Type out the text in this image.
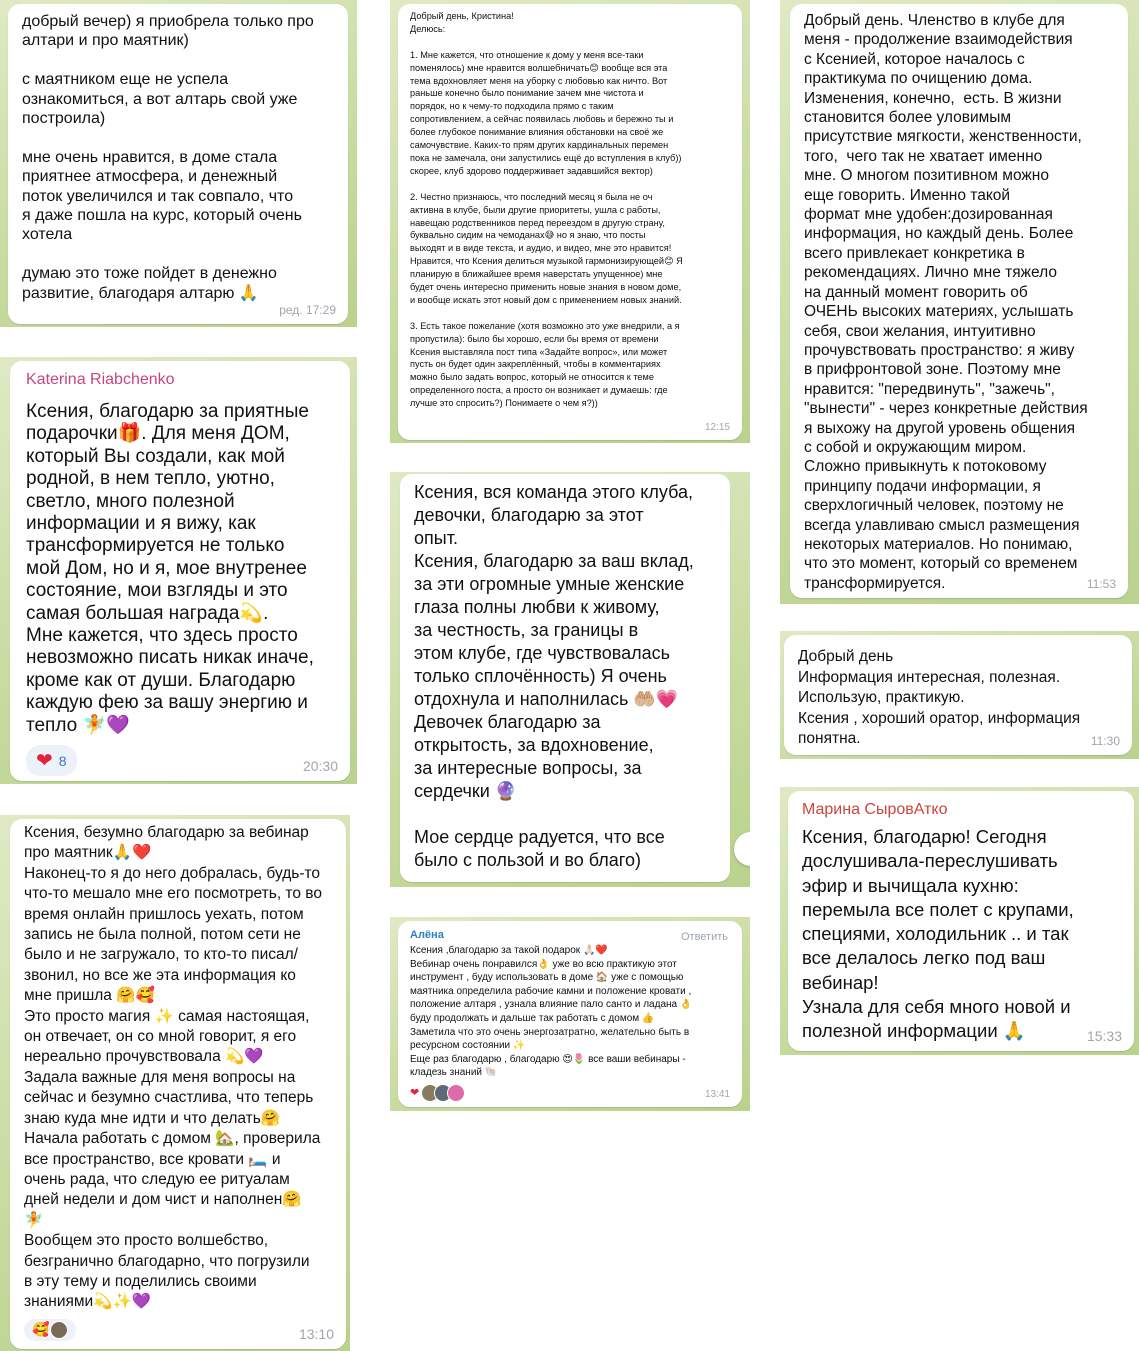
добрый вечер) я приобрела только про
алтари и про маятник)

с маятником еще не успела
ознакомиться, а вот алтарь свой уже
построила)

мне очень нравится, в доме стала
приятнее атмосфера, и денежный
поток увеличился и так совпало, что
я даже пошла на курс, который очень
хотела

думаю это тоже пойдет в денежно
развитие, благодаря алтарю 🙏

ред. 17:29
Katerina Riabchenko

Ксения, благодарю за приятные
подарочки🎁. Для меня ДОМ,
который Вы создали, как мой
родной, в нем тепло, уютно,
светло, много полезной
информации и я вижу, как
трансформируется не только
мой Дом, но и я, мое внутренее
состояние, мои взгляды и это
самая большая награда💫.
Мне кажется, что здесь просто
невозможно писать никак иначе,
кроме как от души. Благодарю
каждую фею за вашу энергию и
тепло 🧚💜

❤ 8	20:30

Ксения, безумно благодарю за вебинар
про маятник🙏❤️
Наконец-то я до него добралась, будь-то
что-то мешало мне его посмотреть, то во
время онлайн пришлось уехать, потом
запись не была полной, потом сети не
было и не загружало, то кто-то писал/
звонил, но все же эта информация ко
мне пришла 🤗🥰
Это просто магия ✨ самая настоящая,
он отвечает, он со мной говорит, я его
нереально прочувствовала 💫💜
Задала важные для меня вопросы на
сейчас и безумно счастлива, что теперь
знаю куда мне идти и что делать🤗
Начала работать с домом 🏡, проверила
все пространство, все кровати 🛏️ и
очень рада, что следую ее ритуалам
дней недели и дом чист и наполнен🤗
🧚
Вообщем это просто волшебство,
безгранично благодарно, что погрузили
в эту тему и поделились своими
знаниями💫✨💜

🥰	13:10

Добрый день, Кристина!
Делюсь:

1. Мне кажется, что отношение к дому у меня все-таки
поменялось) мне нравится волшебничать😊 вообще вся эта
тема вдохновляет меня на уборку с любовью как ничто. Вот
раньше конечно было понимание зачем мне чистота и
порядок, но к чему-то подходила прямо с таким
сопротивлением, а сейчас появилась любовь и бережно ты и
более глубокое понимание влияния обстановки на своё же
самочувствие. Каких-то прям других кардинальных перемен
пока не замечала, они запустились ещё до вступления в клуб))
скорее, клуб здорово поддерживает задавшийся вектор)

2. Честно признаюсь, что последний месяц я была не оч
активна в клубе, были другие приоритеты, ушла с работы,
навещаю родственников перед переездом в другую страну,
буквально сидим на чемоданах😅 но я знаю, что посты
выходят и в виде текста, и аудио, и видео, мне это нравится!
Нравится, что Ксения делиться музыкой гармонизирующей😊 Я
планирую в ближайшее время наверстать упущенное) мне
будет очень интересно применить новые знания в новом доме,
и вообще искать этот новый дом с применением новых знаний.

3. Есть такое пожелание (хотя возможно это уже внедрили, а я
пропустила): было бы хорошо, если бы время от времени
Ксения выставляла пост типа «Задайте вопрос», или может
пусть он будет один закреплённый, чтобы в комментариях
можно было задать вопрос, который не относится к теме
определенного поста, а просто он возникает и думаешь: где
лучше это спросить?) Понимаете о чем я?))

12:15

Ксения, вся команда этого клуба,
девочки, благодарю за этот
опыт.
Ксения, благодарю за ваш вклад,
за эти огромные умные женские
глаза полны любви к живому,
за честность, за границы в
этом клубе, где чувствовалась
только сплочённость) Я очень
отдохнула и наполнилась 🤲🏼💗
Девочек благодарю за
открытость, за вдохновение,
за интересные вопросы, за
сердечки 🔮

Мое сердце радуется, что все
было с пользой и во благо)

Алёна	Ответить

Ксения ,благодарю за такой подарок 🙏🏻❤️
Вебинар очень понравился👌 уже во всю практикую этот
инструмент , буду использовать в доме 🏠 уже с помощью
маятника определила рабочие камни и положение кровати ,
положение алтаря , узнала влияние пало санто и ладана 👌
буду продолжать и дальше так работать с домом 👍
Заметила что это очень энергозатратно, желательно быть в
ресурсном состоянии ✨
Еще раз благодарю , благодарю 😍🌷 все ваши вебинары -
кладезь знаний 🐚

❤	13:41

Добрый день. Членство в клубе для
меня - продолжение взаимодействия
с Ксенией, которое началось с
практикума по очищению дома.
Изменения, конечно,  есть. В жизни
становится более уловимым
присутствие мягкости, женственности,
того,  чего так не хватает именно
мне. О многом позитивном можно
еще говорить. Именно такой
формат мне удобен:дозированная
информация, но каждый день. Более
всего привлекает конкретика в
рекомендациях. Лично мне тяжело
на данный момент говорить об
ОЧЕНЬ высоких материях, услышать
себя, свои желания, интуитивно
прочувствовать пространство: я живу
в прифронтовой зоне. Поэтому мне
нравится: "передвинуть", "зажечь",
"вынести" - через конкретные действия
я выхожу на другой уровень общения
с собой и окружающим миром.
Сложно привыкнуть к потоковому
принципу подачи информации, я
сверхлогичный человек, поэтому не
всегда улавливаю смысл размещения
некоторых материалов. Но понимаю,
что это момент, который со временем
трансформируется.	11:53

Добрый день
Информация интересная, полезная.
Использую, практикую.
Ксения , хороший оратор, информация
понятна.	11:30
Марина СыровАтко

Ксения, благодарю! Сегодня
дослушивала-переслушивать
эфир и вычищала кухню:
перемыла все полет с крупами,
специями, холодильник .. и так
все делалось легко под ваш
вебинар!
Узнала для себя много новой и
полезной информации 🙏	15:33
